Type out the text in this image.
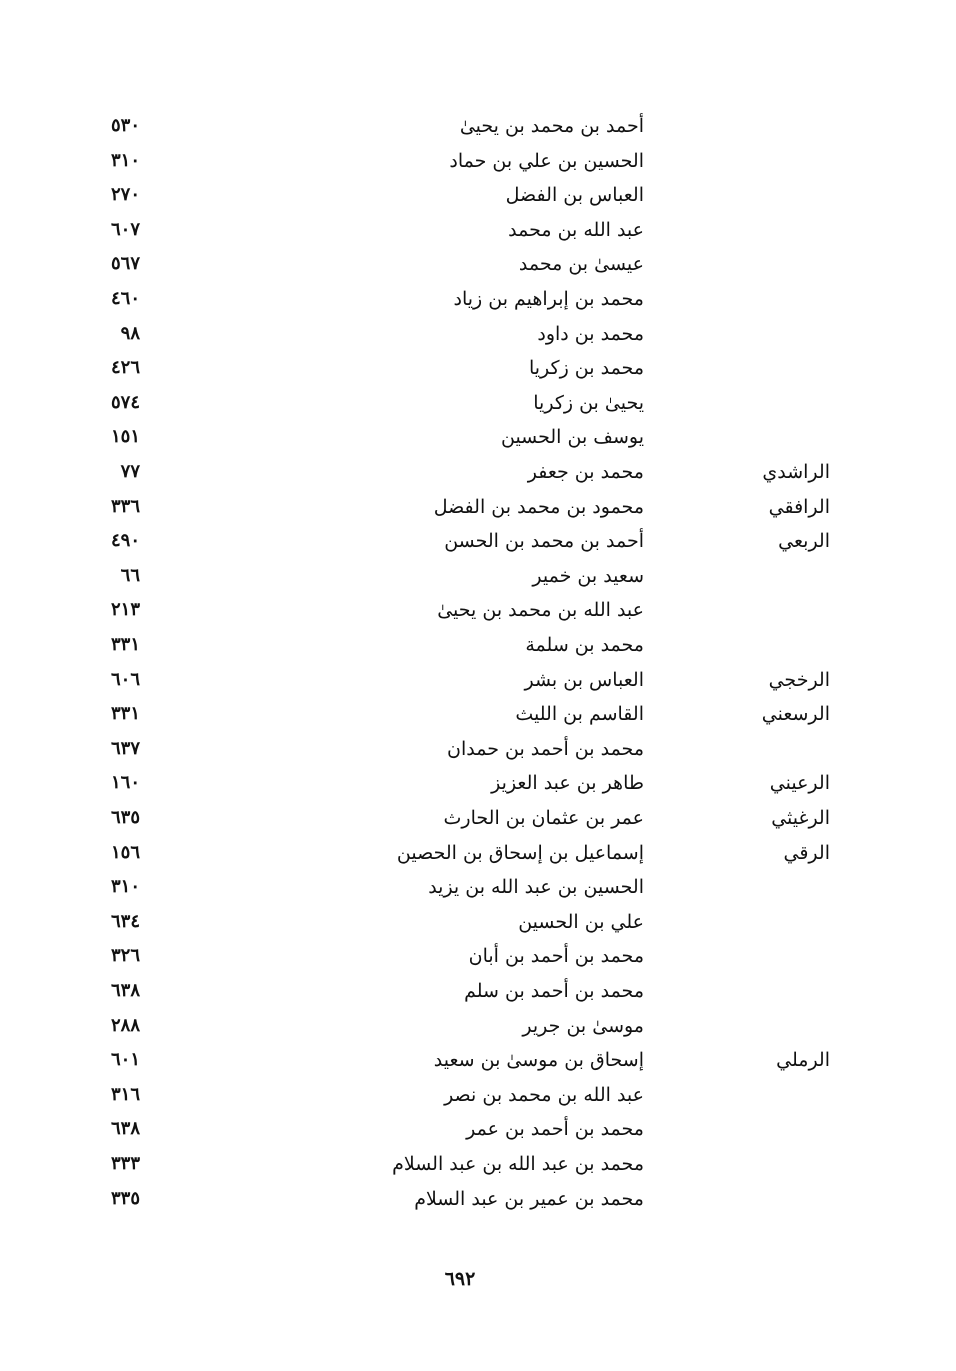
أحمد بن محمد بن يحيىٰ
٥٣٠
الحسين بن علي بن حماد
٣١٠
العباس بن الفضل
٢٧٠
عبد الله بن محمد
٦٠٧
عيسىٰ بن محمد
٥٦٧
محمد بن إبراهيم بن زياد
٤٦٠
محمد بن داود
٩٨
محمد بن زكريا
٤٢٦
يحيىٰ بن زكريا
٥٧٤
يوسف بن الحسين
١٥١
الراشدي
محمد بن جعفر
٧٧
الرافقي
محمود بن محمد بن الفضل
٣٣٦
الربعي
أحمد بن محمد بن الحسن
٤٩٠
سعيد بن خمير
٦٦
عبد الله بن محمد بن يحيىٰ
٢١٣
محمد بن سلمة
٣٣١
الرخجي
العباس بن بشر
٦٠٦
الرسعني
القاسم بن الليث
٣٣١
محمد بن أحمد بن حمدان
٦٣٧
الرعيني
طاهر بن عبد العزيز
١٦٠
الرغيثي
عمر بن عثمان بن الحارث
٦٣٥
الرقي
إسماعيل بن إسحاق بن الحصين
١٥٦
الحسين بن عبد الله بن يزيد
٣١٠
علي بن الحسين
٦٣٤
محمد بن أحمد بن أبان
٣٢٦
محمد بن أحمد بن سلم
٦٣٨
موسىٰ بن جرير
٢٨٨
الرملي
إسحاق بن موسىٰ بن سعيد
٦٠١
عبد الله بن محمد بن نصر
٣١٦
محمد بن أحمد بن عمر
٦٣٨
محمد بن عبد الله بن عبد السلام
٣٣٣
محمد بن عمير بن عبد السلام
٣٣٥
٦٩٢
